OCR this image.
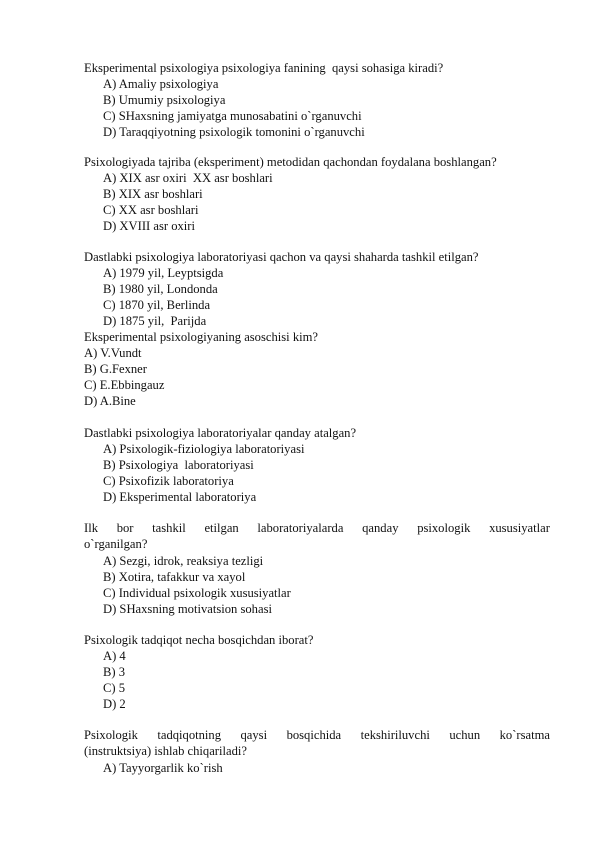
Eksperimental psixologiya psixologiya fanining  qaysi sohasiga kiradi?
A) Amaliy psixologiya
B) Umumiy psixologiya
C) SHaxsning jamiyatga munosabatini o`rganuvchi
D) Taraqqiyotning psixologik tomonini o`rganuvchi
Psixologiyada tajriba (eksperiment) metodidan qachondan foydalana boshlangan?
A) XIX asr oxiri  XX asr boshlari
B) XIX asr boshlari
C) XX asr boshlari
D) XVIII asr oxiri
Dastlabki psixologiya laboratoriyasi qachon va qaysi shaharda tashkil etilgan?
A) 1979 yil, Leyptsigda
B) 1980 yil, Londonda
C) 1870 yil, Berlinda
D) 1875 yil,  Parijda
Eksperimental psixologiyaning asoschisi kim?
A) V.Vundt
B) G.Fexner
C) E.Ebbingauz
D) A.Bine
Dastlabki psixologiya laboratoriyalar qanday atalgan?
A) Psixologik-fiziologiya laboratoriyasi
B) Psixologiya  laboratoriyasi
C) Psixofizik laboratoriya
D) Eksperimental laboratoriya
Ilk bor tashkil etilgan laboratoriyalarda qanday psixologik xususiyatlar
o`rganilgan?
A) Sezgi, idrok, reaksiya tezligi
B) Xotira, tafakkur va xayol
C) Individual psixologik xususiyatlar
D) SHaxsning motivatsion sohasi
Psixologik tadqiqot necha bosqichdan iborat?
A) 4
B) 3
C) 5
D) 2
Psixologik tadqiqotning qaysi bosqichida tekshiriluvchi uchun ko`rsatma
(instruktsiya) ishlab chiqariladi?
A) Tayyorgarlik ko`rish
